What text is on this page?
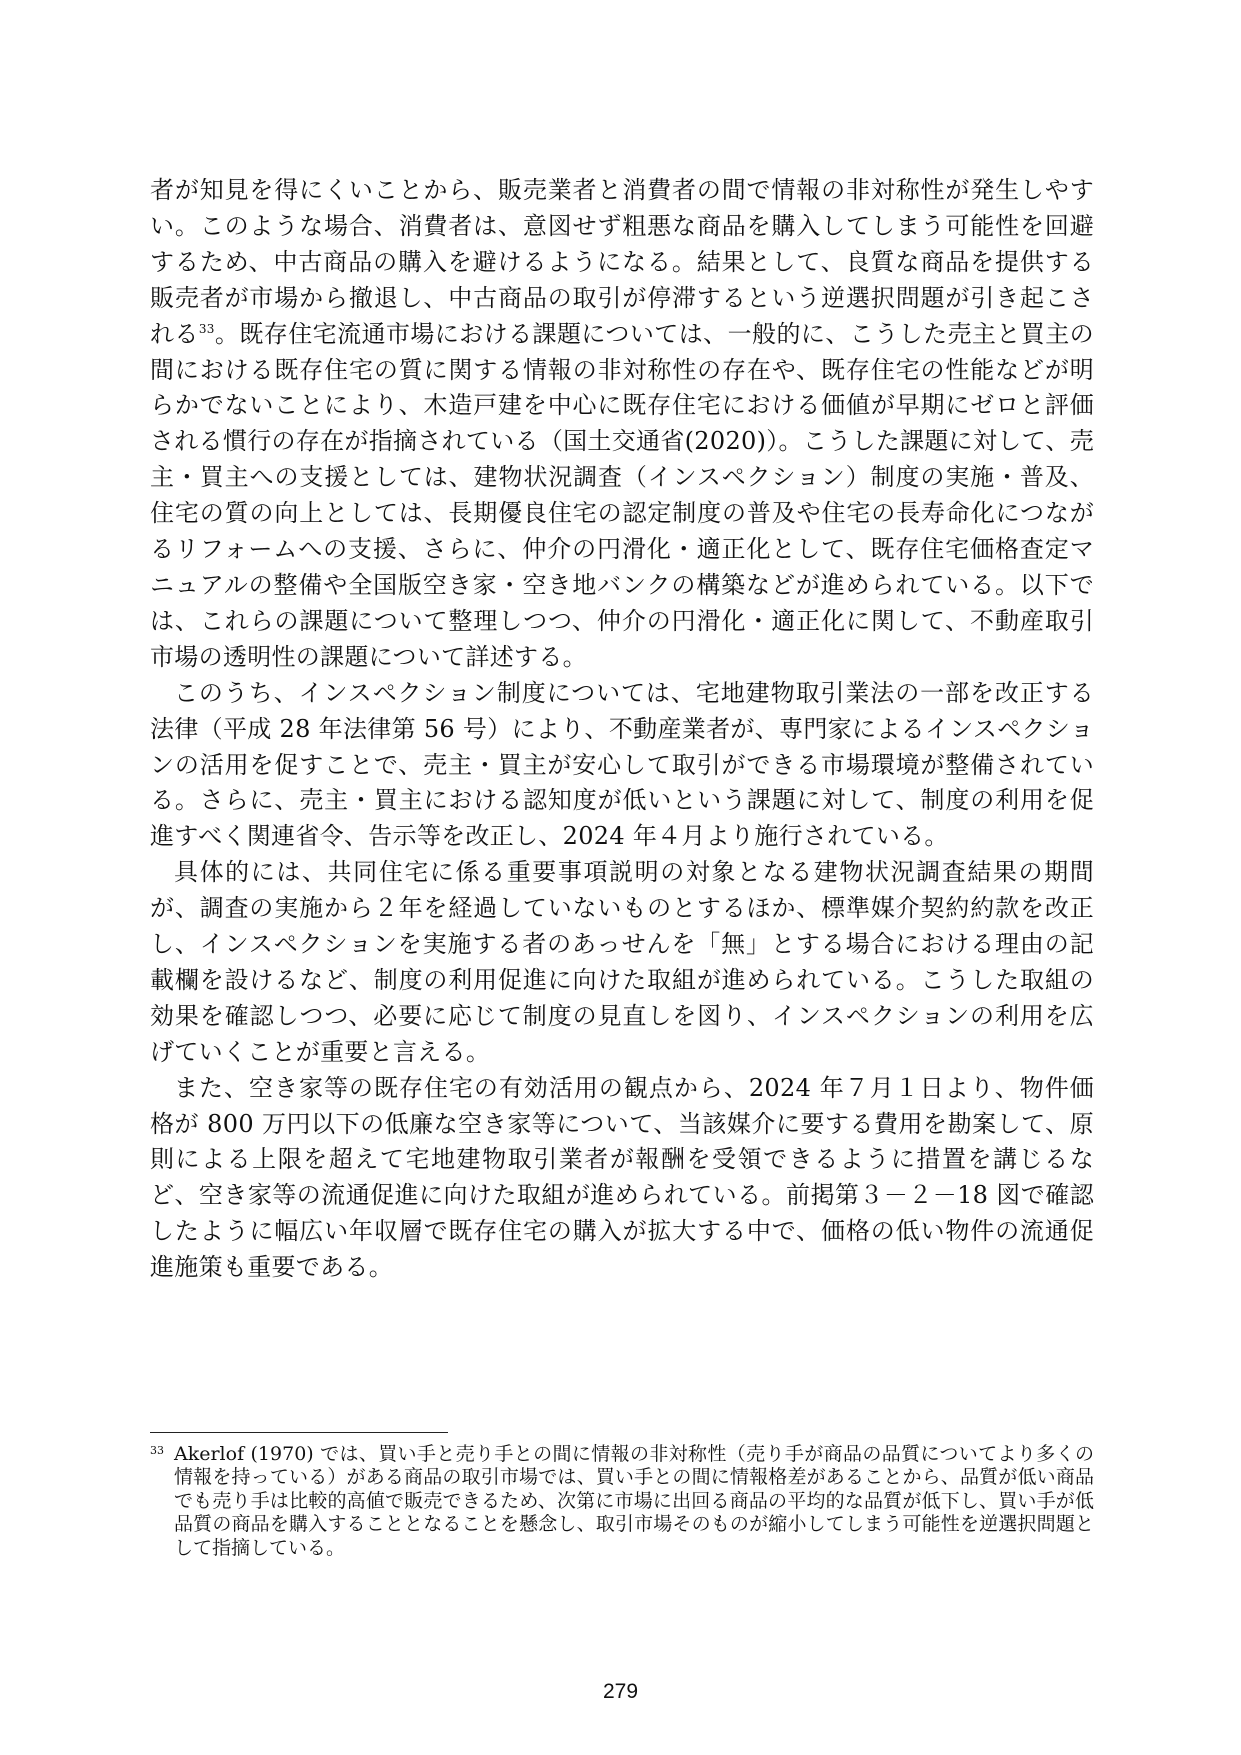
者が知見を得にくいことから、販売業者と消費者の間で情報の非対称性が発生しやすい。このような場合、消費者は、意図せず粗悪な商品を購入してしまう可能性を回避するため、中古商品の購入を避けるようになる。結果として、良質な商品を提供する販売者が市場から撤退し、中古商品の取引が停滞するという逆選択問題が引き起こされる$^{33}$。既存住宅流通市場における課題については、一般的に、こうした売主と買主の間における既存住宅の質に関する情報の非対称性の存在や、既存住宅の性能などが明らかでないことにより、木造戸建を中心に既存住宅における価値が早期にゼロと評価される慣行の存在が指摘されている（国土交通省(2020)）。こうした課題に対して、売主・買主への支援としては、建物状況調査（インスペクション）制度の実施・普及、住宅の質の向上としては、長期優良住宅の認定制度の普及や住宅の長寿命化につながるリフォームへの支援、さらに、仲介の円滑化・適正化として、既存住宅価格査定マニュアルの整備や全国版空き家・空き地バンクの構築などが進められている。以下では、これらの課題について整理しつつ、仲介の円滑化・適正化に関して、不動産取引市場の透明性の課題について詳述する。

このうち、インスペクション制度については、宅地建物取引業法の一部を改正する法律（平成 28 年法律第 56 号）により、不動産業者が、専門家によるインスペクションの活用を促すことで、売主・買主が安心して取引ができる市場環境が整備されている。さらに、売主・買主における認知度が低いという課題に対して、制度の利用を促進すべく関連省令、告示等を改正し、2024 年４月より施行されている。

具体的には、共同住宅に係る重要事項説明の対象となる建物状況調査結果の期間が、調査の実施から２年を経過していないものとするほか、標準媒介契約約款を改正し、インスペクションを実施する者のあっせんを「無」とする場合における理由の記載欄を設けるなど、制度の利用促進に向けた取組が進められている。こうした取組の効果を確認しつつ、必要に応じて制度の見直しを図り、インスペクションの利用を広げていくことが重要と言える。

また、空き家等の既存住宅の有効活用の観点から、2024 年７月１日より、物件価格が 800 万円以下の低廉な空き家等について、当該媒介に要する費用を勘案して、原則による上限を超えて宅地建物取引業者が報酬を受領できるように措置を講じるなど、空き家等の流通促進に向けた取組が進められている。前掲第３－２－18 図で確認したように幅広い年収層で既存住宅の購入が拡大する中で、価格の低い物件の流通促進施策も重要である。

33 Akerlof (1970) では、買い手と売り手との間に情報の非対称性（売り手が商品の品質についてより多くの情報を持っている）がある商品の取引市場では、買い手との間に情報格差があることから、品質が低い商品でも売り手は比較的高値で販売できるため、次第に市場に出回る商品の平均的な品質が低下し、買い手が低品質の商品を購入することとなることを懸念し、取引市場そのものが縮小してしまう可能性を逆選択問題として指摘している。

279
